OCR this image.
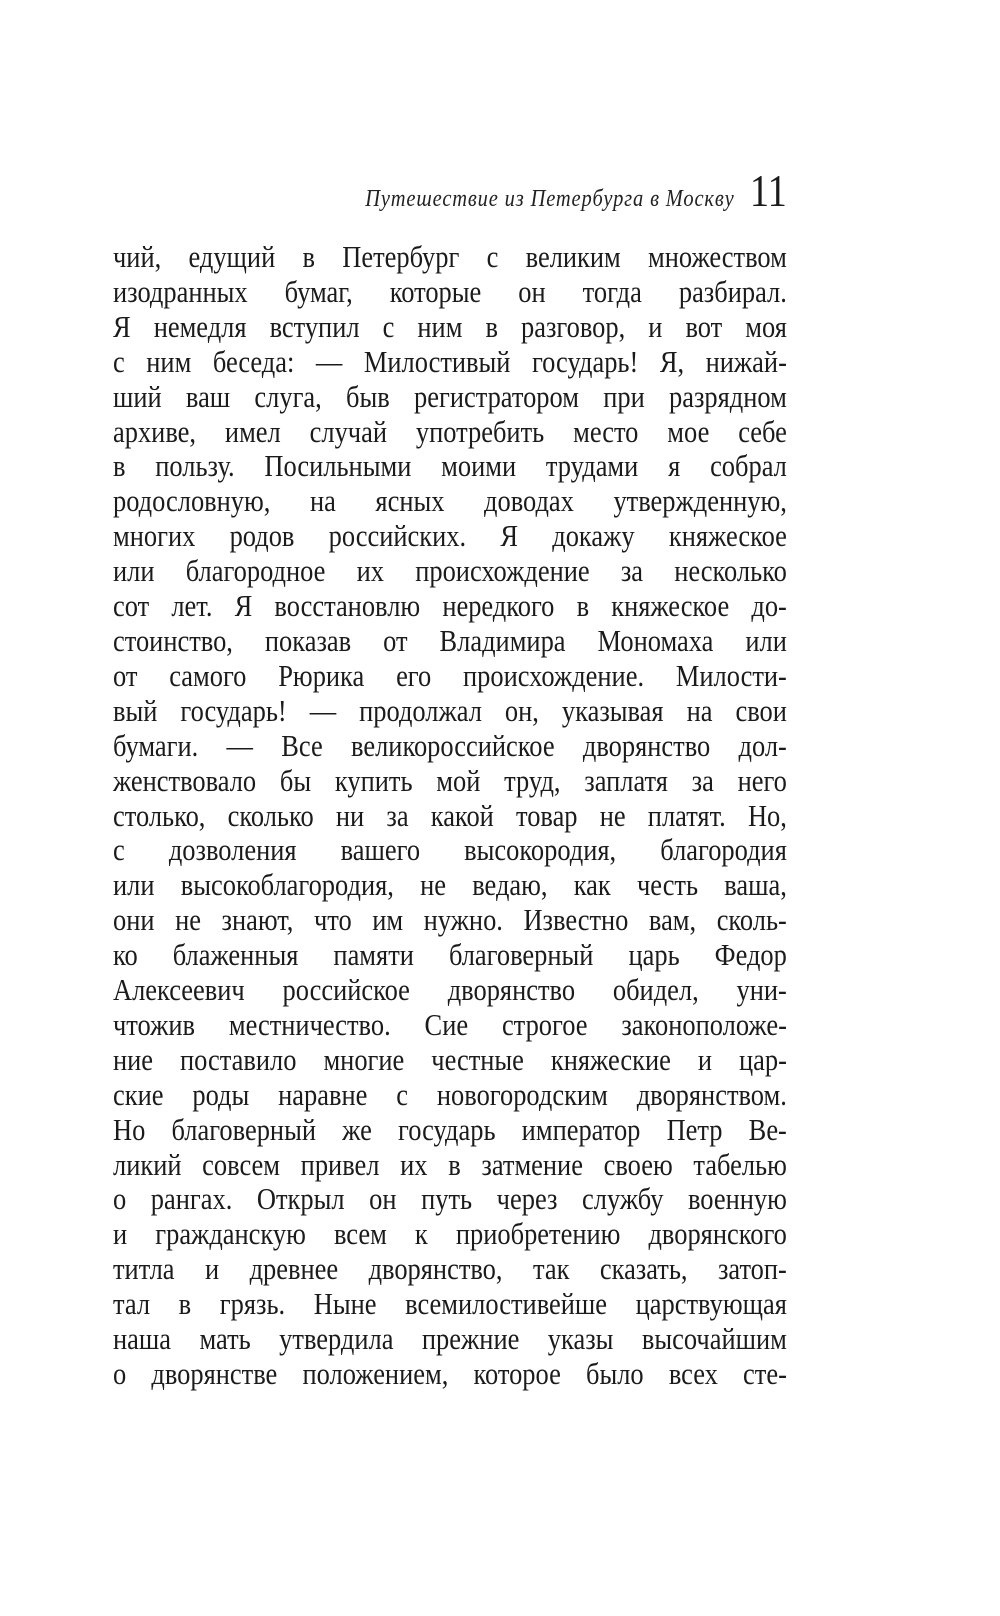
Путешествие из Петербурга в Москву 11
чий, едущий в Петербург с великим множеством
изодранных бумаг, которые он тогда разбирал.
Я немедля вступил с ним в разговор, и вот моя
с ним беседа: — Милостивый государь! Я, нижай-
ший ваш слуга, быв регистратором при разрядном
архиве, имел случай употребить место мое себе
в пользу. Посильными моими трудами я собрал
родословную, на ясных доводах утвержденную,
многих родов российских. Я докажу княжеское
или благородное их происхождение за несколько
сот лет. Я восстановлю нередкого в княжеское до-
стоинство, показав от Владимира Мономаха или
от самого Рюрика его происхождение. Милости-
вый государь! — продолжал он, указывая на свои
бумаги. — Все великороссийское дворянство дол-
женствовало бы купить мой труд, заплатя за него
столько, сколько ни за какой товар не платят. Но,
с дозволения вашего высокородия, благородия
или высокоблагородия, не ведаю, как честь ваша,
они не знают, что им нужно. Известно вам, сколь-
ко блаженныя памяти благоверный царь Федор
Алексеевич российское дворянство обидел, уни-
чтожив местничество. Сие строгое законоположе-
ние поставило многие честные княжеские и цар-
ские роды наравне с новогородским дворянством.
Но благоверный же государь император Петр Ве-
ликий совсем привел их в затмение своею табелью
о рангах. Открыл он путь через службу военную
и гражданскую всем к приобретению дворянского
титла и древнее дворянство, так сказать, затоп-
тал в грязь. Ныне всемилостивейше царствующая
наша мать утвердила прежние указы высочайшим
о дворянстве положением, которое было всех сте-
